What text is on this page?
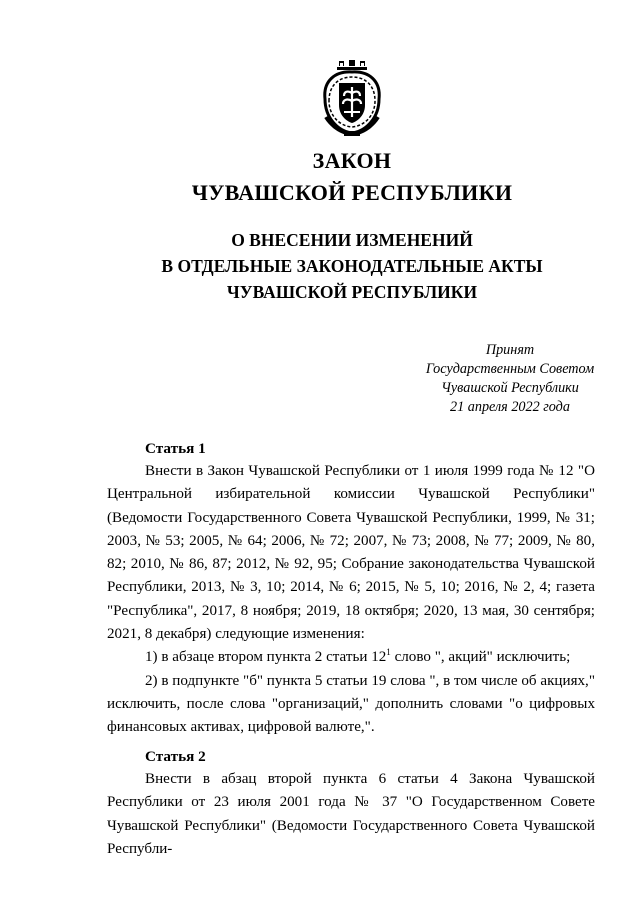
ЗАКОН
ЧУВАШСКОЙ РЕСПУБЛИКИ
О ВНЕСЕНИИ ИЗМЕНЕНИЙ
В ОТДЕЛЬНЫЕ ЗАКОНОДАТЕЛЬНЫЕ АКТЫ
ЧУВАШСКОЙ РЕСПУБЛИКИ
Принят
Государственным Советом
Чувашской Республики
21 апреля 2022 года
Статья 1

Внести в Закон Чувашской Республики от 1 июля 1999 года № 12 "О Центральной избирательной комиссии Чувашской Республики" (Ведомости Государственного Совета Чувашской Республики, 1999, № 31; 2003, № 53; 2005, № 64; 2006, № 72; 2007, № 73; 2008, № 77; 2009, № 80, 82; 2010, № 86, 87; 2012, № 92, 95; Собрание законодательства Чувашской Республики, 2013, № 3, 10; 2014, № 6; 2015, № 5, 10; 2016, № 2, 4; газета "Республика", 2017, 8 ноября; 2019, 18 октября; 2020, 13 мая, 30 сентября; 2021, 8 декабря) следующие изменения:

1) в абзаце втором пункта 2 статьи $12^1$ слово ", акций" исключить;

2) в подпункте "б" пункта 5 статьи 19 слова ", в том числе об акциях," исключить, после слова "организаций," дополнить словами "о цифровых финансовых активах, цифровой валюте,".

Статья 2

Внести в абзац второй пункта 6 статьи 4 Закона Чувашской Республики от 23 июля 2001 года № 37 "О Государственном Совете Чувашской Республики" (Ведомости Государственного Совета Чувашской Республи-
